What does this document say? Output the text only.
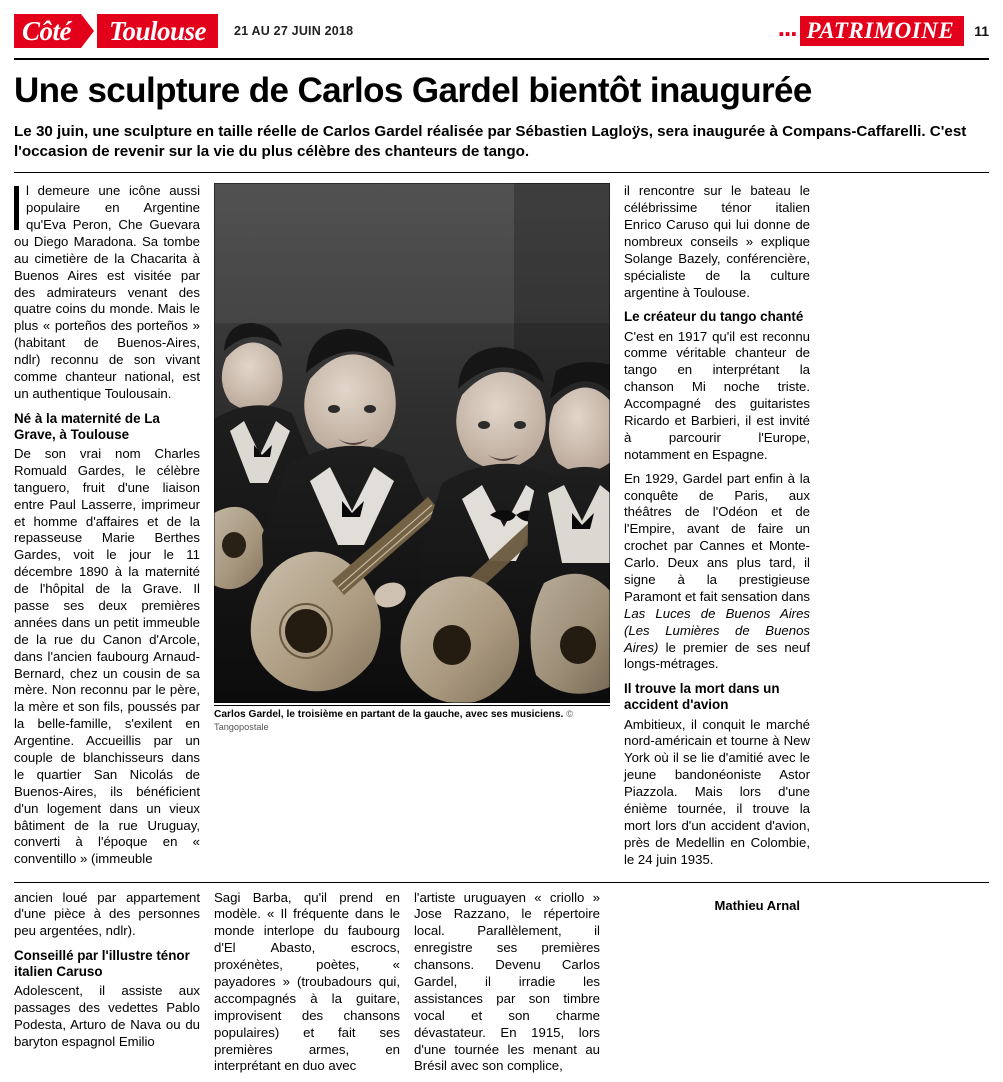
Côté	Toulouse	21 AU 27 JUIN 2018	... PATRIMOINE	11
Une sculpture de Carlos Gardel bientôt inaugurée
Le 30 juin, une sculpture en taille réelle de Carlos Gardel réalisée par Sébastien Lagloÿs, sera inaugurée à Compans-Caffarelli. C'est l'occasion de revenir sur la vie du plus célèbre des chanteurs de tango.

l demeure une icône aussi populaire en Argentine qu'Eva Peron, Che Guevara ou Diego Maradona. Sa tombe au cimetière de la Chacarita à Buenos Aires est visitée par des admirateurs venant des quatre coins du monde. Mais le plus « porteños des porteños » (habitant de Buenos-Aires, ndlr) reconnu de son vivant comme chanteur national, est un authentique Toulousain.

Né à la maternité de La Grave, à Toulouse

De son vrai nom Charles Romuald Gardes, le célèbre tanguero, fruit d'une liaison entre Paul Lasserre, imprimeur et homme d'affaires et de la repasseuse Marie Berthes Gardes, voit le jour le 11 décembre 1890 à la maternité de l'hôpital de la Grave. Il passe ses deux premières années dans un petit immeuble de la rue du Canon d'Arcole, dans l'ancien faubourg Arnaud-Bernard, chez un cousin de sa mère. Non reconnu par le père, la mère et son fils, poussés par la belle-famille, s'exilent en Argentine. Accueillis par un couple de blanchisseurs dans le quartier San Nicolás de Buenos-Aires, ils bénéficient d'un logement dans un vieux bâtiment de la rue Uruguay, converti à l'époque en « conventillo » (immeuble

Carlos Gardel, le troisième en partant de la gauche, avec ses musiciens. © Tangopostale

il rencontre sur le bateau le célébrissime ténor italien Enrico Caruso qui lui donne de nombreux conseils » explique Solange Bazely, conférencière, spécialiste de la culture argentine à Toulouse.

Le créateur du tango chanté

C'est en 1917 qu'il est reconnu comme véritable chanteur de tango en interprétant la chanson Mi noche triste. Accompagné des guitaristes Ricardo et Barbieri, il est invité à parcourir l'Europe, notamment en Espagne.

En 1929, Gardel part enfin à la conquête de Paris, aux théâtres de l'Odéon et de l'Empire, avant de faire un crochet par Cannes et Monte-Carlo. Deux ans plus tard, il signe à la prestigieuse Paramont et fait sensation dans Las Luces de Buenos Aires (Les Lumières de Buenos Aires) le premier de ses neuf longs-métrages.

Il trouve la mort dans un accident d'avion

Ambitieux, il conquit le marché nord-américain et tourne à New York où il se lie d'amitié avec le jeune bandonéoniste Astor Piazzola. Mais lors d'une énième tournée, il trouve la mort lors d'un accident d'avion, près de Medellin en Colombie, le 24 juin 1935.

ancien loué par appartement d'une pièce à des personnes peu argentées, ndlr).

Conseillé par l'illustre ténor italien Caruso

Adolescent, il assiste aux passages des vedettes Pablo Podesta, Arturo de Nava ou du baryton espagnol Emilio

Sagi Barba, qu'il prend en modèle. « Il fréquente dans le monde interlope du faubourg d'El Abasto, escrocs, proxénètes, poètes, « payadores » (troubadours qui, accompagnés à la guitare, improvisent des chansons populaires) et fait ses premières armes, en interprétant en duo avec

l'artiste uruguayen « criollo » Jose Razzano, le répertoire local. Parallèlement, il enregistre ses premières chansons. Devenu Carlos Gardel, il irradie les assistances par son timbre vocal et son charme dévastateur. En 1915, lors d'une tournée les menant au Brésil avec son complice,

Mathieu Arnal
